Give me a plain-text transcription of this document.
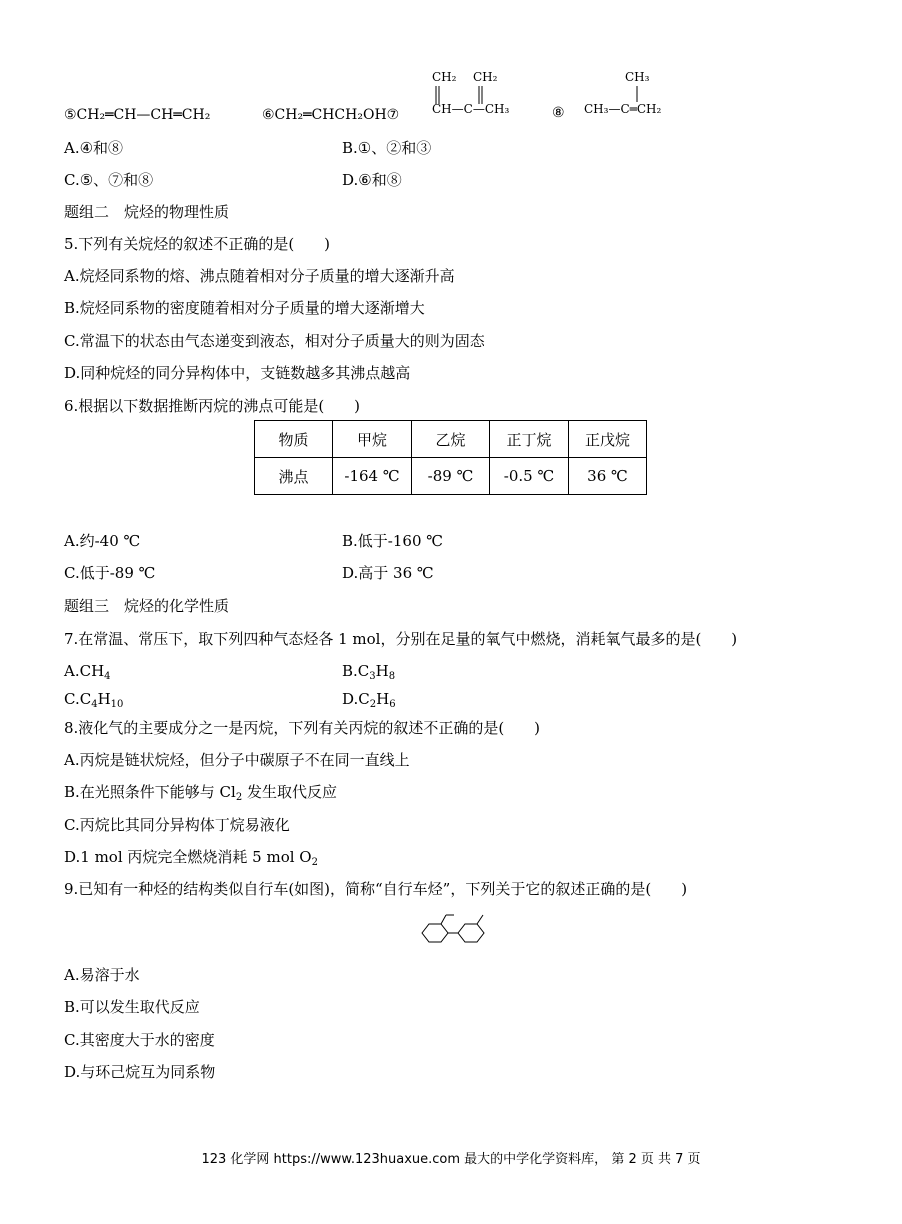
⑤CH₂═CH—CH═CH₂	⑥CH₂═CHCH₂OH⑦
CH₂ CH₂
CH—C—CH₃	⑧
CH₃
CH₃—C═CH₂
A.④和⑧	B.①、②和③
C.⑤、⑦和⑧	D.⑥和⑧
题组二　烷烃的物理性质
5.下列有关烷烃的叙述不正确的是(　　)
A.烷烃同系物的熔、沸点随着相对分子质量的增大逐渐升高
B.烷烃同系物的密度随着相对分子质量的增大逐渐增大
C.常温下的状态由气态递变到液态，相对分子质量大的则为固态
D.同种烷烃的同分异构体中，支链数越多其沸点越高
6.根据以下数据推断丙烷的沸点可能是(　　)
物质	甲烷	乙烷	正丁烷	正戊烷
沸点	-164 ℃	-89 ℃	-0.5 ℃	36 ℃
A.约-40 ℃	B.低于-160 ℃
C.低于-89 ℃	D.高于 36 ℃
题组三　烷烃的化学性质
7.在常温、常压下，取下列四种气态烃各 1 mol，分别在足量的氧气中燃烧，消耗氧气最多的是(　　)
$A.CH_4$	$B.C_3H_8$
$C.C_4H_{10}$	$D.C_2H_6$
8.液化气的主要成分之一是丙烷，下列有关丙烷的叙述不正确的是(　　)
A.丙烷是链状烷烃，但分子中碳原子不在同一直线上
B.在光照条件下能够与 $Cl_2$ 发生取代反应
C.丙烷比其同分异构体丁烷易液化
D.1 mol 丙烷完全燃烧消耗 5 mol $O_2$
9.已知有一种烃的结构类似自行车(如图)，简称“自行车烃”，下列关于它的叙述正确的是(　　)
A.易溶于水
B.可以发生取代反应
C.其密度大于水的密度
D.与环己烷互为同系物
123 化学网 https://www.123huaxue.com 最大的中学化学资料库， 第 2 页 共 7 页
